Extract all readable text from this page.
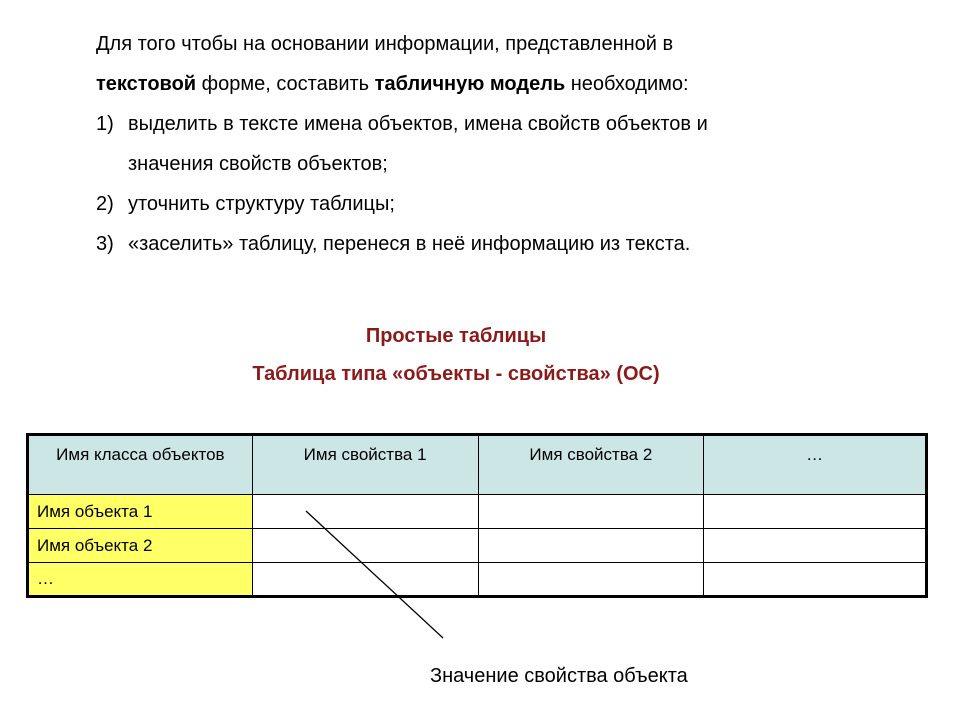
Для того чтобы на основании информации, представленной в

текстовой форме, составить табличную модель необходимо:

1) выделить в тексте имена объектов, имена свойств объектов и

значения свойств объектов;

2) уточнить структуру таблицы;

3) «заселить» таблицу, перенеся в неё информацию из текста.

Простые таблицы
Таблица типа «объекты - свойства» (ОС)
Имя класса объектов	Имя свойства 1	Имя свойства 2	…
Имя объекта 1			
Имя объекта 2			
…			
Значение свойства объекта
